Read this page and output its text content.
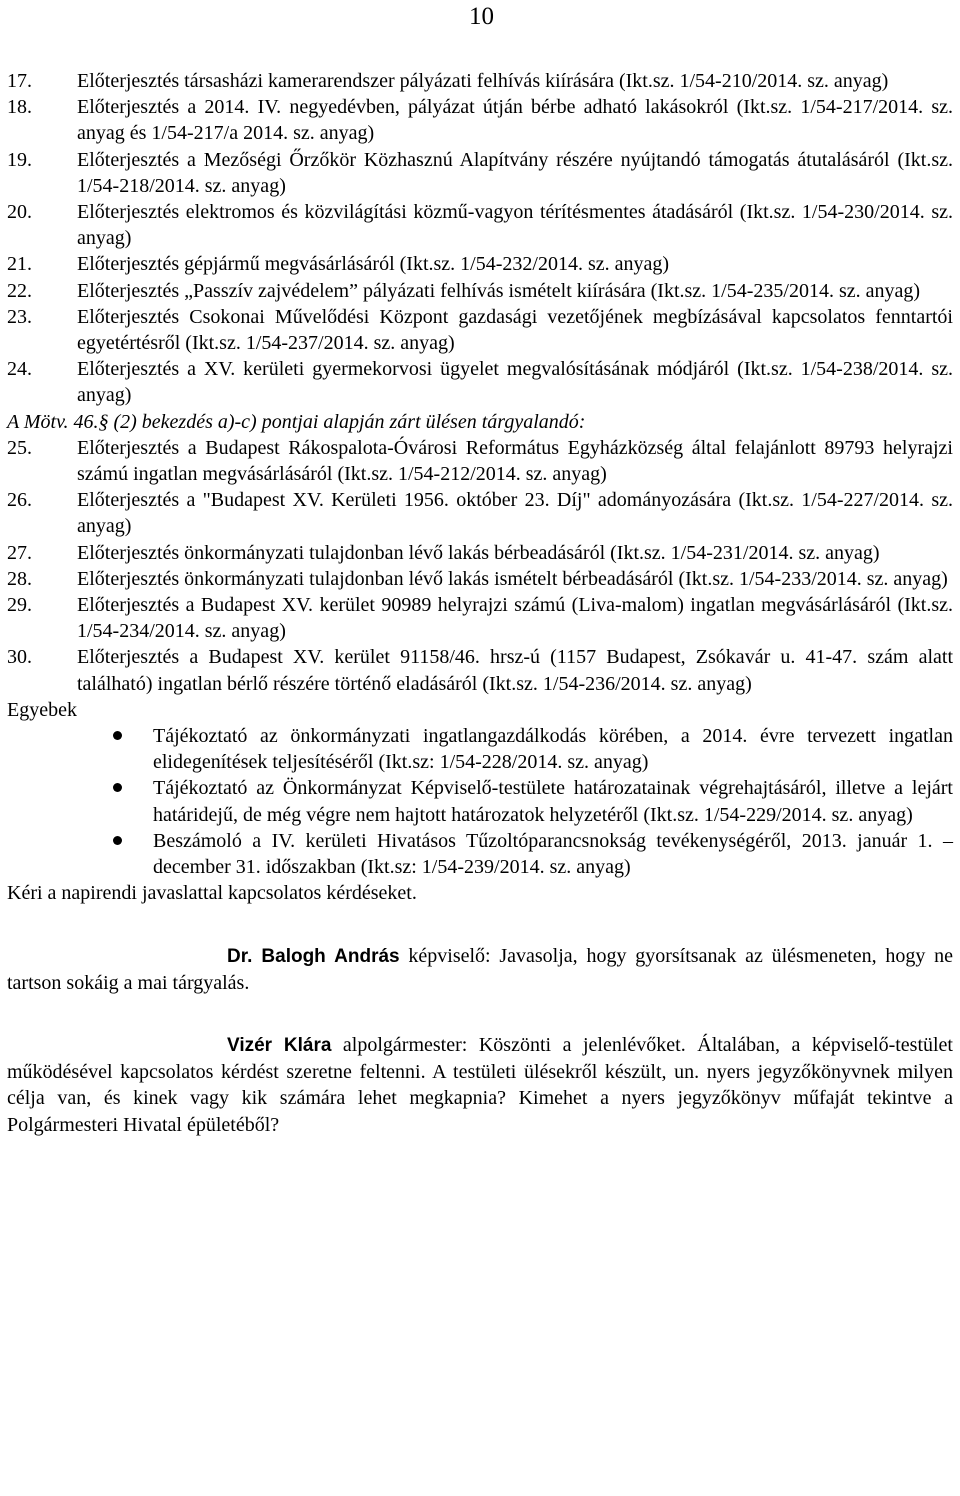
10
17.	Előterjesztés társasházi kamerarendszer pályázati felhívás kiírására (Ikt.sz. 1/54-210/2014. sz. anyag)
18.	Előterjesztés a 2014. IV. negyedévben, pályázat útján bérbe adható lakásokról (Ikt.sz. 1/54-217/2014. sz. anyag és 1/54-217/a 2014. sz. anyag)
19.	Előterjesztés a Mezőségi Őrzőkör Közhasznú Alapítvány részére nyújtandó támogatás átutalásáról (Ikt.sz. 1/54-218/2014. sz. anyag)
20.	Előterjesztés elektromos és közvilágítási közmű-vagyon térítésmentes átadásáról (Ikt.sz. 1/54-230/2014. sz. anyag)
21.	Előterjesztés gépjármű megvásárlásáról (Ikt.sz. 1/54-232/2014. sz. anyag)
22.	Előterjesztés „Passzív zajvédelem” pályázati felhívás ismételt kiírására (Ikt.sz. 1/54-235/2014. sz. anyag)
23.	Előterjesztés Csokonai Művelődési Központ gazdasági vezetőjének megbízásával kapcsolatos fenntartói egyetértésről (Ikt.sz. 1/54-237/2014. sz. anyag)
24.	Előterjesztés a XV. kerületi gyermekorvosi ügyelet megvalósításának módjáról (Ikt.sz. 1/54-238/2014. sz. anyag)
A Mötv. 46.§ (2) bekezdés a)-c) pontjai alapján zárt ülésen tárgyalandó:
25.	Előterjesztés a Budapest Rákospalota-Óvárosi Református Egyházközség által felajánlott 89793 helyrajzi számú ingatlan megvásárlásáról (Ikt.sz. 1/54-212/2014. sz. anyag)
26.	Előterjesztés a "Budapest XV. Kerületi 1956. október 23. Díj" adományozására (Ikt.sz. 1/54-227/2014. sz. anyag)
27.	Előterjesztés önkormányzati tulajdonban lévő lakás bérbeadásáról (Ikt.sz. 1/54-231/2014. sz. anyag)
28.	Előterjesztés önkormányzati tulajdonban lévő lakás ismételt bérbeadásáról (Ikt.sz. 1/54-233/2014. sz. anyag)
29.	Előterjesztés a Budapest XV. kerület 90989 helyrajzi számú (Liva-malom) ingatlan megvásárlásáról (Ikt.sz. 1/54-234/2014. sz. anyag)
30.	Előterjesztés a Budapest XV. kerület 91158/46. hrsz-ú (1157 Budapest, Zsókavár u. 41-47. szám alatt található) ingatlan bérlő részére történő eladásáról (Ikt.sz. 1/54-236/2014. sz. anyag)
Egyebek
Tájékoztató az önkormányzati ingatlangazdálkodás körében, a 2014. évre tervezett ingatlan elidegenítések teljesítéséről (Ikt.sz: 1/54-228/2014. sz. anyag)
Tájékoztató az Önkormányzat Képviselő-testülete határozatainak végrehajtásáról, illetve a lejárt határidejű, de még végre nem hajtott határozatok helyzetéről (Ikt.sz. 1/54-229/2014. sz. anyag)
Beszámoló a IV. kerületi Hivatásos Tűzoltóparancsnokság tevékenységéről, 2013. január 1. – december 31. időszakban (Ikt.sz: 1/54-239/2014. sz. anyag)
Kéri a napirendi javaslattal kapcsolatos kérdéseket.
Dr. Balogh András képviselő: Javasolja, hogy gyorsítsanak az ülésmeneten, hogy ne tartson sokáig a mai tárgyalás.
Vizér Klára alpolgármester: Köszönti a jelenlévőket. Általában, a képviselő-testület működésével kapcsolatos kérdést szeretne feltenni. A testületi ülésekről készült, un. nyers jegyzőkönyvnek milyen célja van, és kinek vagy kik számára lehet megkapnia? Kimehet a nyers jegyzőkönyv műfaját tekintve a Polgármesteri Hivatal épületéből?
